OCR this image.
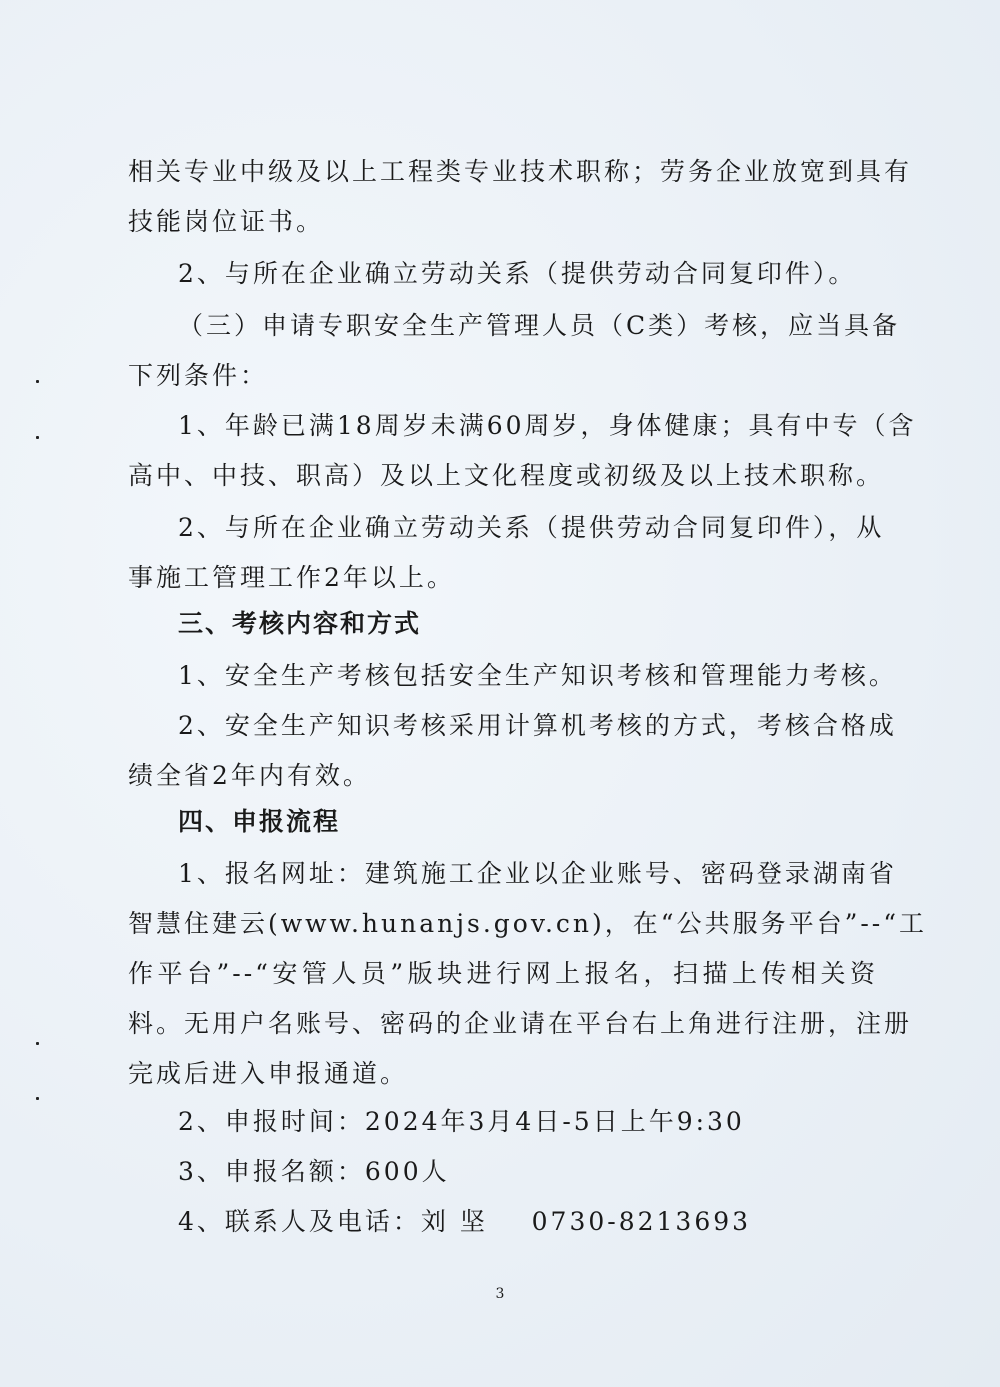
相关专业中级及以上工程类专业技术职称；劳务企业放宽到具有
技能岗位证书。
2、与所在企业确立劳动关系（提供劳动合同复印件）。
（三）申请专职安全生产管理人员（C类）考核，应当具备
下列条件：
1、年龄已满18周岁未满60周岁，身体健康；具有中专（含
高中、中技、职高）及以上文化程度或初级及以上技术职称。
2、与所在企业确立劳动关系（提供劳动合同复印件），从
事施工管理工作2年以上。
三、考核内容和方式
1、安全生产考核包括安全生产知识考核和管理能力考核。
2、安全生产知识考核采用计算机考核的方式，考核合格成
绩全省2年内有效。
四、申报流程
1、报名网址：建筑施工企业以企业账号、密码登录湖南省
智慧住建云(www.hunanjs.gov.cn)，在“公共服务平台”--“工
作平台”--“安管人员”版块进行网上报名，扫描上传相关资
料。无用户名账号、密码的企业请在平台右上角进行注册，注册
完成后进入申报通道。
2、申报时间：2024年3月4日-5日上午9:30
3、申报名额：600人
4、联系人及电话：刘 坚    0730-8213693
3
